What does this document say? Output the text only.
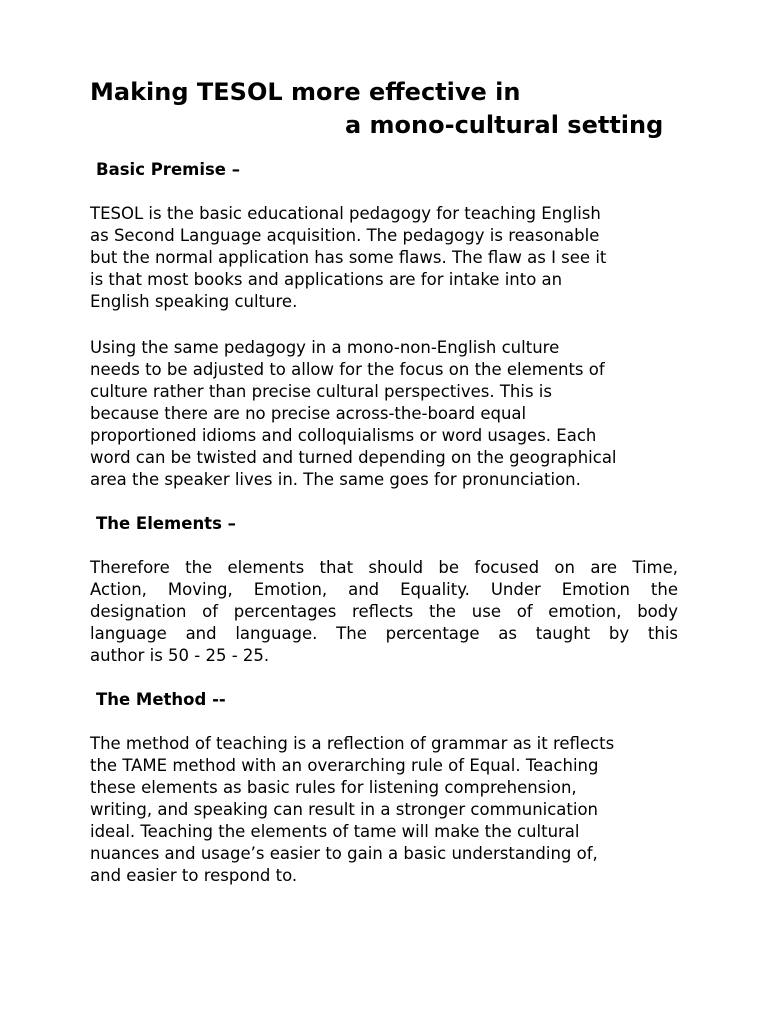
Making TESOL more effective in
a mono-cultural setting
Basic Premise –
TESOL is the basic educational pedagogy for teaching English
as Second Language acquisition. The pedagogy is reasonable
but the normal application has some flaws. The flaw as I see it
is that most books and applications are for intake into an
English speaking culture.
Using the same pedagogy in a mono-non-English culture
needs to be adjusted to allow for the focus on the elements of
culture rather than precise cultural perspectives. This is
because there are no precise across-the-board equal
proportioned idioms and colloquialisms or word usages. Each
word can be twisted and turned depending on the geographical
area the speaker lives in. The same goes for pronunciation.
The Elements –
Therefore the elements that should be focused on are Time,
Action, Moving, Emotion, and Equality. Under Emotion the
designation of percentages reflects the use of emotion, body
language and language. The percentage as taught by this
author is 50 - 25 - 25.
The Method --
The method of teaching is a reflection of grammar as it reflects
the TAME method with an overarching rule of Equal. Teaching
these elements as basic rules for listening comprehension,
writing, and speaking can result in a stronger communication
ideal. Teaching the elements of tame will make the cultural
nuances and usage’s easier to gain a basic understanding of,
and easier to respond to.
